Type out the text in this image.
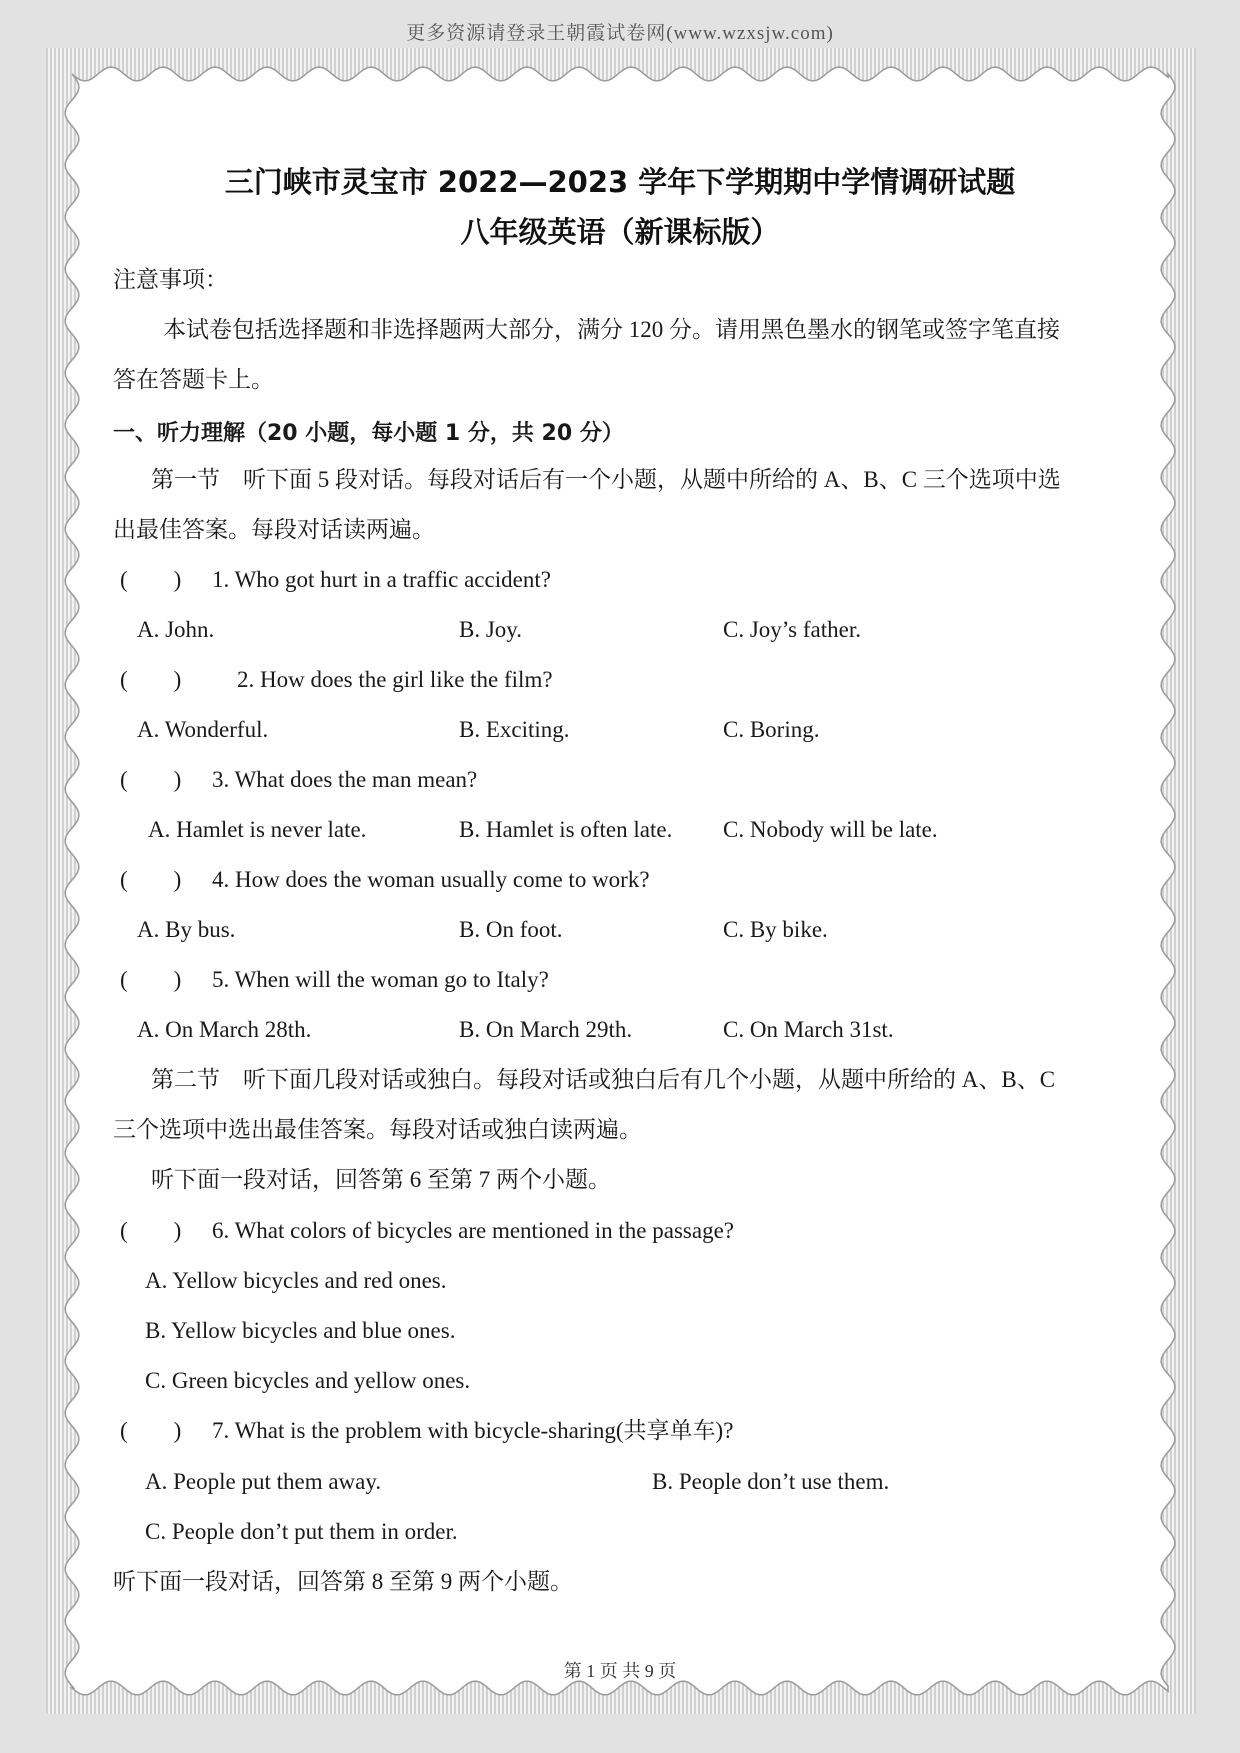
更多资源请登录王朝霞试卷网(www.wzxsjw.com)
三门峡市灵宝市 2022—2023 学年下学期期中学情调研试题
八年级英语（新课标版）
注意事项：
本试卷包括选择题和非选择题两大部分，满分 120 分。请用黑色墨水的钢笔或签字笔直接
答在答题卡上。
一、听力理解（20 小题，每小题 1 分，共 20 分）
第一节　听下面 5 段对话。每段对话后有一个小题，从题中所给的 A、B、C 三个选项中选
出最佳答案。每段对话读两遍。
(　　)	1. Who got hurt in a traffic accident?
A. John.	B. Joy.	C. Joy’s father.
(　　)	2. How does the girl like the film?
A. Wonderful.	B. Exciting.	C. Boring.
(　　)	3. What does the man mean?
A. Hamlet is never late.	B. Hamlet is often late. C. Nobody will be late.
(　　)	4. How does the woman usually come to work?
A. By bus.	B. On foot.	C. By bike.
(　　)	5. When will the woman go to Italy?
A. On March 28th.	B. On March 29th.	C. On March 31st.
第二节　听下面几段对话或独白。每段对话或独白后有几个小题，从题中所给的 A、B、C
三个选项中选出最佳答案。每段对话或独白读两遍。
听下面一段对话，回答第 6 至第 7 两个小题。
(　　)	6. What colors of bicycles are mentioned in the passage?
A. Yellow bicycles and red ones.
B. Yellow bicycles and blue ones.
C. Green bicycles and yellow ones.
(　　)	7. What is the problem with bicycle-sharing(共享单车)?
A. People put them away.	B. People don’t use them.
C. People don’t put them in order.
听下面一段对话，回答第 8 至第 9 两个小题。
第 1 页 共 9 页
